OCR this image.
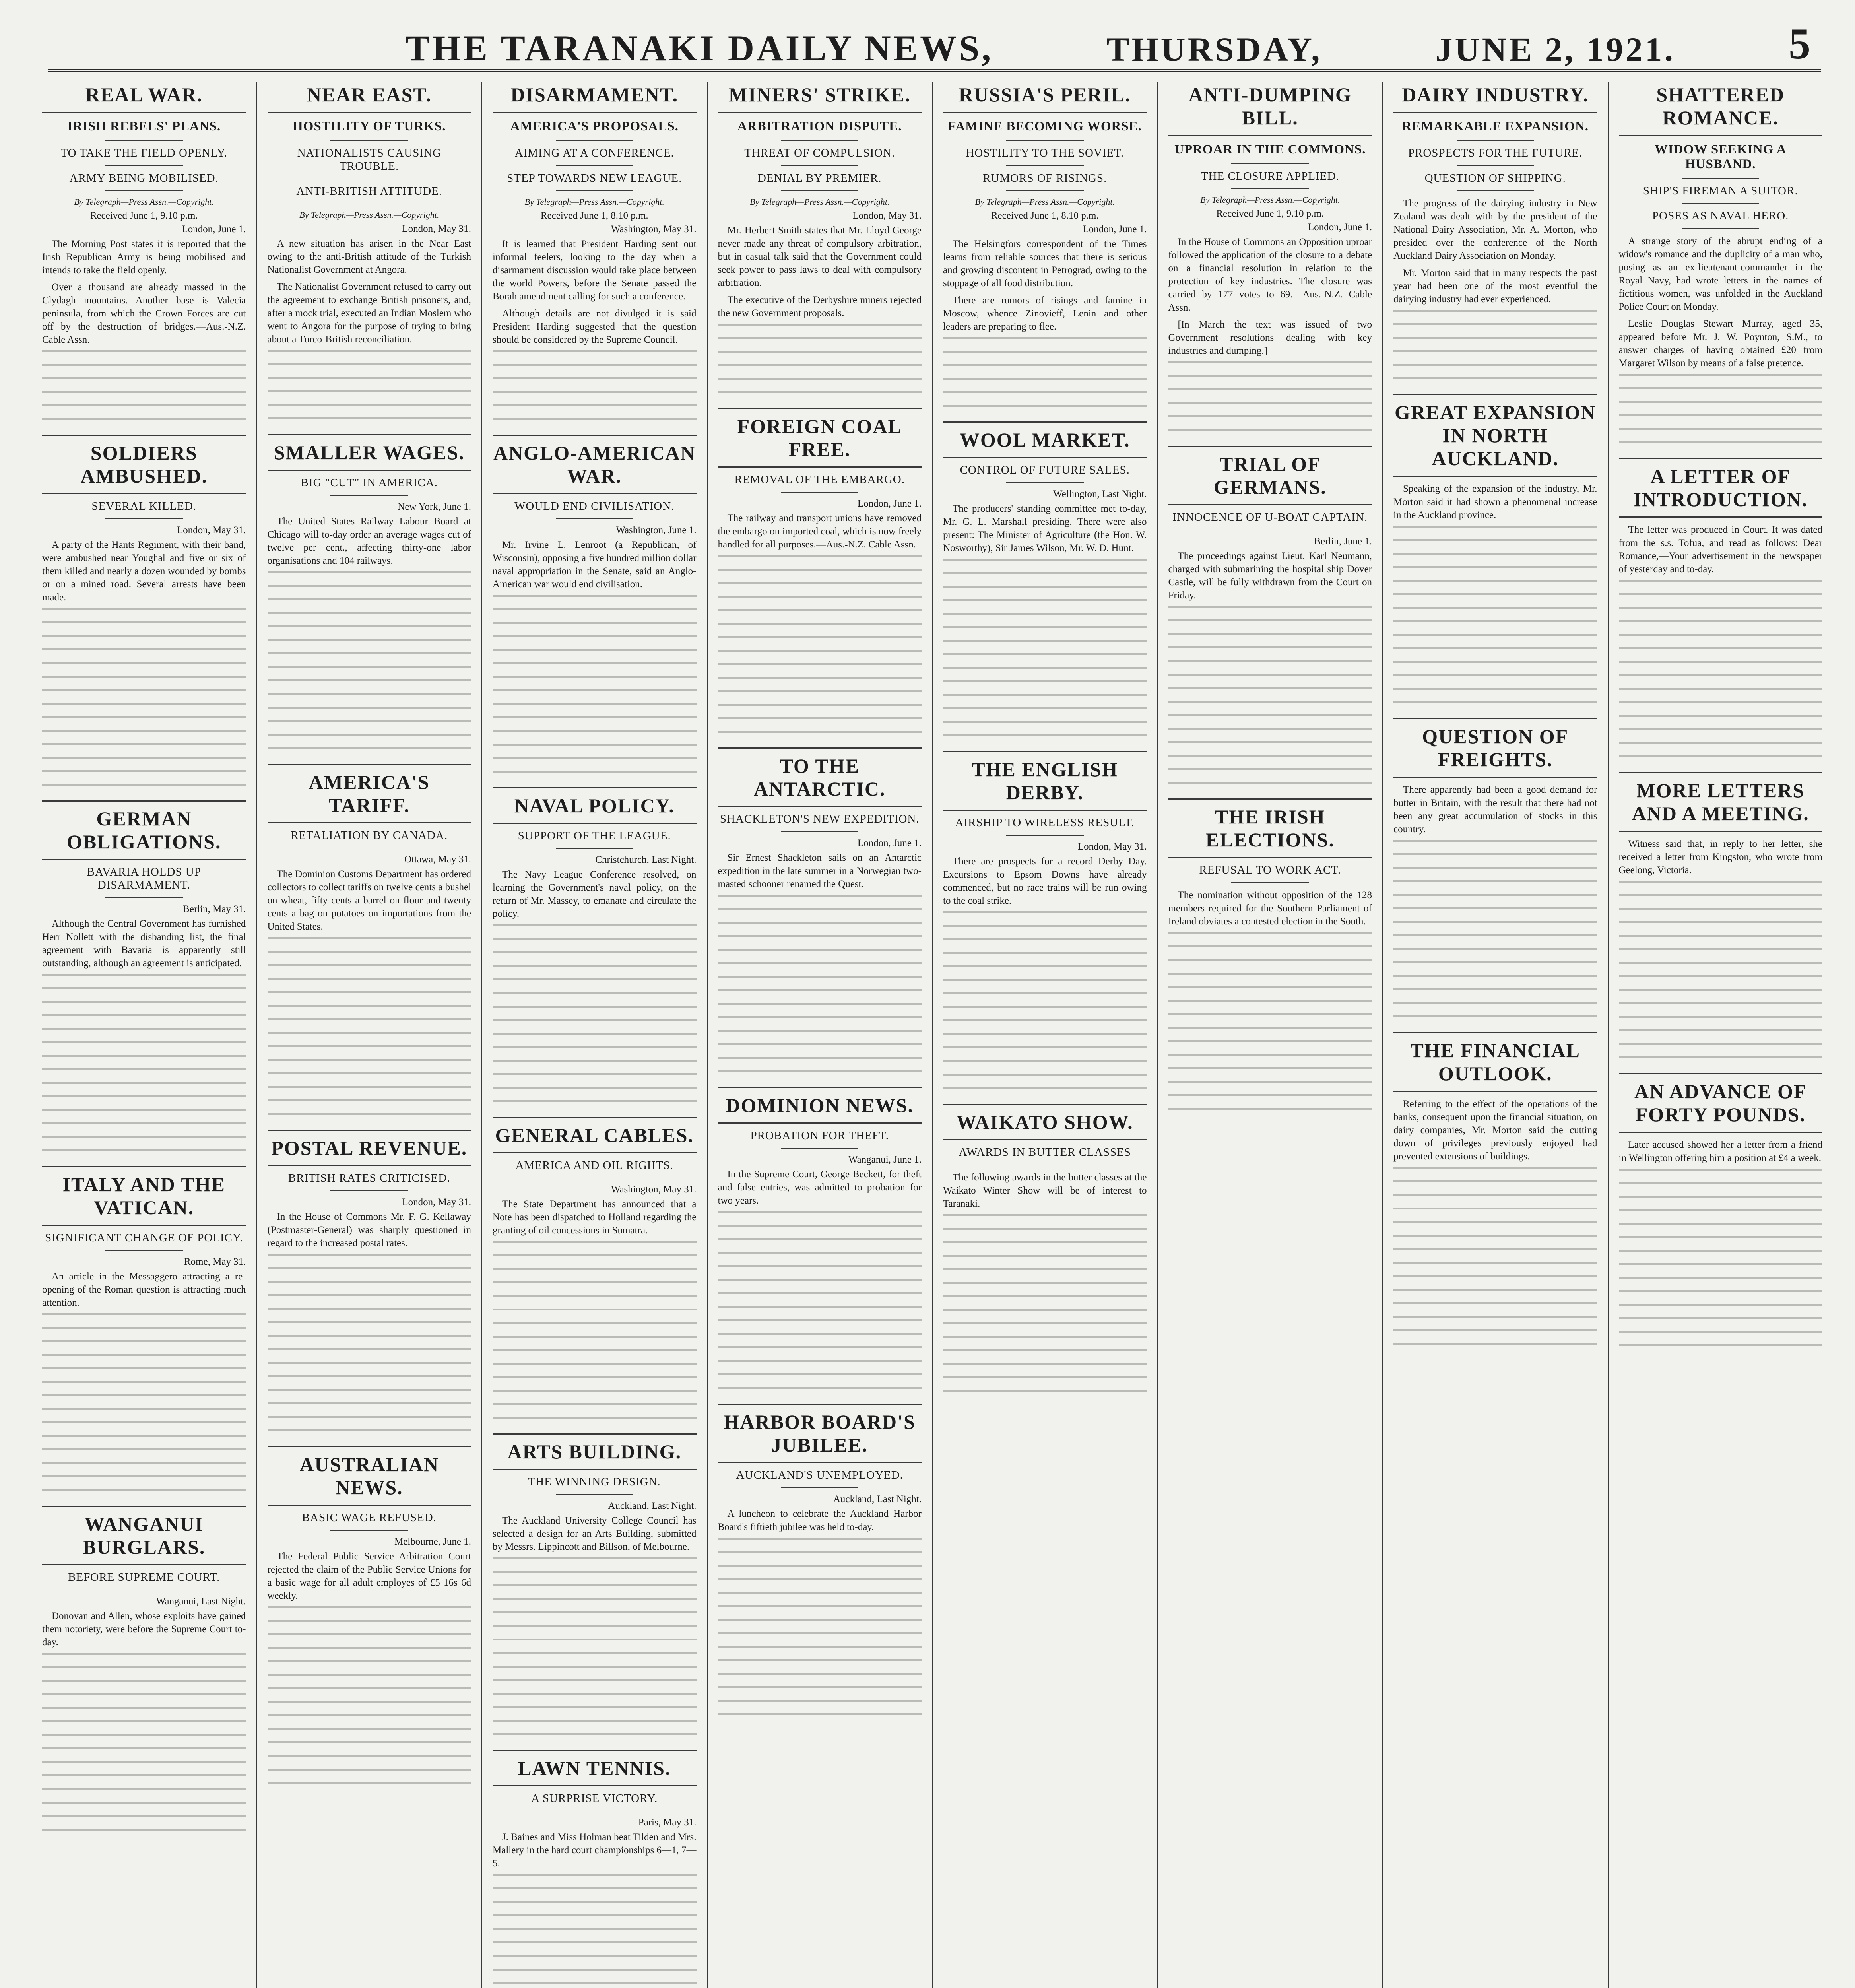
THE TARANAKI DAILY NEWS,	THURSDAY,	JUNE 2, 1921.	5
REAL WAR.
IRISH REBELS' PLANS.
TO TAKE THE FIELD OPENLY.
ARMY BEING MOBILISED.
By Telegraph—Press Assn.—Copyright.
Received June 1, 9.10 p.m.
London, June 1.

The Morning Post states it is reported that the Irish Republican Army is being mobilised and intends to take the field openly.

Over a thousand are already massed in the Clydagh mountains. Another base is Valecia peninsula, from which the Crown Forces are cut off by the destruction of bridges.—Aus.-N.Z. Cable Assn.

SOLDIERS AMBUSHED.
SEVERAL KILLED.
London, May 31.

A party of the Hants Regiment, with their band, were ambushed near Youghal and five or six of them killed and nearly a dozen wounded by bombs or on a mined road. Several arrests have been made.

GERMAN OBLIGATIONS.
BAVARIA HOLDS UP DISARMAMENT.
Berlin, May 31.

Although the Central Government has furnished Herr Nollett with the disbanding list, the final agreement with Bavaria is apparently still outstanding, although an agreement is anticipated.

ITALY AND THE VATICAN.
SIGNIFICANT CHANGE OF POLICY.
Rome, May 31.

An article in the Messaggero attracting a re-opening of the Roman question is attracting much attention.

WANGANUI BURGLARS.
BEFORE SUPREME COURT.
Wanganui, Last Night.

Donovan and Allen, whose exploits have gained them notoriety, were before the Supreme Court to-day.

NEAR EAST.
HOSTILITY OF TURKS.
NATIONALISTS CAUSING TROUBLE.
ANTI-BRITISH ATTITUDE.
By Telegraph—Press Assn.—Copyright.
London, May 31.

A new situation has arisen in the Near East owing to the anti-British attitude of the Turkish Nationalist Government at Angora.

The Nationalist Government refused to carry out the agreement to exchange British prisoners, and, after a mock trial, executed an Indian Moslem who went to Angora for the purpose of trying to bring about a Turco-British reconciliation.

SMALLER WAGES.
BIG "CUT" IN AMERICA.
New York, June 1.

The United States Railway Labour Board at Chicago will to-day order an average wages cut of twelve per cent., affecting thirty-one labor organisations and 104 railways.

AMERICA'S TARIFF.
RETALIATION BY CANADA.
Ottawa, May 31.

The Dominion Customs Department has ordered collectors to collect tariffs on twelve cents a bushel on wheat, fifty cents a barrel on flour and twenty cents a bag on potatoes on importations from the United States.

POSTAL REVENUE.
BRITISH RATES CRITICISED.
London, May 31.

In the House of Commons Mr. F. G. Kellaway (Postmaster-General) was sharply questioned in regard to the increased postal rates.

AUSTRALIAN NEWS.
BASIC WAGE REFUSED.
Melbourne, June 1.

The Federal Public Service Arbitration Court rejected the claim of the Public Service Unions for a basic wage for all adult employes of £5 16s 6d weekly.

DISARMAMENT.
AMERICA'S PROPOSALS.
AIMING AT A CONFERENCE.
STEP TOWARDS NEW LEAGUE.
By Telegraph—Press Assn.—Copyright.
Received June 1, 8.10 p.m.
Washington, May 31.

It is learned that President Harding sent out informal feelers, looking to the day when a disarmament discussion would take place between the world Powers, before the Senate passed the Borah amendment calling for such a conference.

Although details are not divulged it is said President Harding suggested that the question should be considered by the Supreme Council.

ANGLO-AMERICAN WAR.
WOULD END CIVILISATION.
Washington, June 1.

Mr. Irvine L. Lenroot (a Republican, of Wisconsin), opposing a five hundred million dollar naval appropriation in the Senate, said an Anglo-American war would end civilisation.

NAVAL POLICY.
SUPPORT OF THE LEAGUE.
Christchurch, Last Night.

The Navy League Conference resolved, on learning the Government's naval policy, on the return of Mr. Massey, to emanate and circulate the policy.

GENERAL CABLES.
AMERICA AND OIL RIGHTS.
Washington, May 31.

The State Department has announced that a Note has been dispatched to Holland regarding the granting of oil concessions in Sumatra.

ARTS BUILDING.
THE WINNING DESIGN.
Auckland, Last Night.

The Auckland University College Council has selected a design for an Arts Building, submitted by Messrs. Lippincott and Billson, of Melbourne.

LAWN TENNIS.
A SURPRISE VICTORY.
Paris, May 31.

J. Baines and Miss Holman beat Tilden and Mrs. Mallery in the hard court championships 6—1, 7—5.

MINERS' STRIKE.
ARBITRATION DISPUTE.
THREAT OF COMPULSION.
DENIAL BY PREMIER.
By Telegraph—Press Assn.—Copyright.
London, May 31.

Mr. Herbert Smith states that Mr. Lloyd George never made any threat of compulsory arbitration, but in casual talk said that the Government could seek power to pass laws to deal with compulsory arbitration.

The executive of the Derbyshire miners rejected the new Government proposals.

FOREIGN COAL FREE.
REMOVAL OF THE EMBARGO.
London, June 1.

The railway and transport unions have removed the embargo on imported coal, which is now freely handled for all purposes.—Aus.-N.Z. Cable Assn.

TO THE ANTARCTIC.
SHACKLETON'S NEW EXPEDITION.
London, June 1.

Sir Ernest Shackleton sails on an Antarctic expedition in the late summer in a Norwegian two-masted schooner renamed the Quest.

DOMINION NEWS.
PROBATION FOR THEFT.
Wanganui, June 1.

In the Supreme Court, George Beckett, for theft and false entries, was admitted to probation for two years.

HARBOR BOARD'S JUBILEE.
AUCKLAND'S UNEMPLOYED.
Auckland, Last Night.

A luncheon to celebrate the Auckland Harbor Board's fiftieth jubilee was held to-day.

RUSSIA'S PERIL.
FAMINE BECOMING WORSE.
HOSTILITY TO THE SOVIET.
RUMORS OF RISINGS.
By Telegraph—Press Assn.—Copyright.
Received June 1, 8.10 p.m.
London, June 1.

The Helsingfors correspondent of the Times learns from reliable sources that there is serious and growing discontent in Petrograd, owing to the stoppage of all food distribution.

There are rumors of risings and famine in Moscow, whence Zinovieff, Lenin and other leaders are preparing to flee.

WOOL MARKET.
CONTROL OF FUTURE SALES.
Wellington, Last Night.

The producers' standing committee met to-day, Mr. G. L. Marshall presiding. There were also present: The Minister of Agriculture (the Hon. W. Nosworthy), Sir James Wilson, Mr. W. D. Hunt.

THE ENGLISH DERBY.
AIRSHIP TO WIRELESS RESULT.
London, May 31.

There are prospects for a record Derby Day. Excursions to Epsom Downs have already commenced, but no race trains will be run owing to the coal strike.

WAIKATO SHOW.
AWARDS IN BUTTER CLASSES

The following awards in the butter classes at the Waikato Winter Show will be of interest to Taranaki.

ANTI-DUMPING BILL.
UPROAR IN THE COMMONS.
THE CLOSURE APPLIED.
By Telegraph—Press Assn.—Copyright.
Received June 1, 9.10 p.m.
London, June 1.

In the House of Commons an Opposition uproar followed the application of the closure to a debate on a financial resolution in relation to the protection of key industries. The closure was carried by 177 votes to 69.—Aus.-N.Z. Cable Assn.

[In March the text was issued of two Government resolutions dealing with key industries and dumping.]

TRIAL OF GERMANS.
INNOCENCE OF U-BOAT CAPTAIN.
Berlin, June 1.

The proceedings against Lieut. Karl Neumann, charged with submarining the hospital ship Dover Castle, will be fully withdrawn from the Court on Friday.

THE IRISH ELECTIONS.
REFUSAL TO WORK ACT.

The nomination without opposition of the 128 members required for the Southern Parliament of Ireland obviates a contested election in the South.

DAIRY INDUSTRY.
REMARKABLE EXPANSION.
PROSPECTS FOR THE FUTURE.
QUESTION OF SHIPPING.

The progress of the dairying industry in New Zealand was dealt with by the president of the National Dairy Association, Mr. A. Morton, who presided over the conference of the North Auckland Dairy Association on Monday.

Mr. Morton said that in many respects the past year had been one of the most eventful the dairying industry had ever experienced.

GREAT EXPANSION IN NORTH AUCKLAND.

Speaking of the expansion of the industry, Mr. Morton said it had shown a phenomenal increase in the Auckland province.

QUESTION OF FREIGHTS.

There apparently had been a good demand for butter in Britain, with the result that there had not been any great accumulation of stocks in this country.

THE FINANCIAL OUTLOOK.

Referring to the effect of the operations of the banks, consequent upon the financial situation, on dairy companies, Mr. Morton said the cutting down of privileges previously enjoyed had prevented extensions of buildings.

SHATTERED ROMANCE.
WIDOW SEEKING A HUSBAND.
SHIP'S FIREMAN A SUITOR.
POSES AS NAVAL HERO.

A strange story of the abrupt ending of a widow's romance and the duplicity of a man who, posing as an ex-lieutenant-commander in the Royal Navy, had wrote letters in the names of fictitious women, was unfolded in the Auckland Police Court on Monday.

Leslie Douglas Stewart Murray, aged 35, appeared before Mr. J. W. Poynton, S.M., to answer charges of having obtained £20 from Margaret Wilson by means of a false pretence.

A LETTER OF INTRODUCTION.

The letter was produced in Court. It was dated from the s.s. Tofua, and read as follows: Dear Romance,—Your advertisement in the newspaper of yesterday and to-day.

MORE LETTERS AND A MEETING.

Witness said that, in reply to her letter, she received a letter from Kingston, who wrote from Geelong, Victoria.

AN ADVANCE OF FORTY POUNDS.

Later accused showed her a letter from a friend in Wellington offering him a position at £4 a week.
